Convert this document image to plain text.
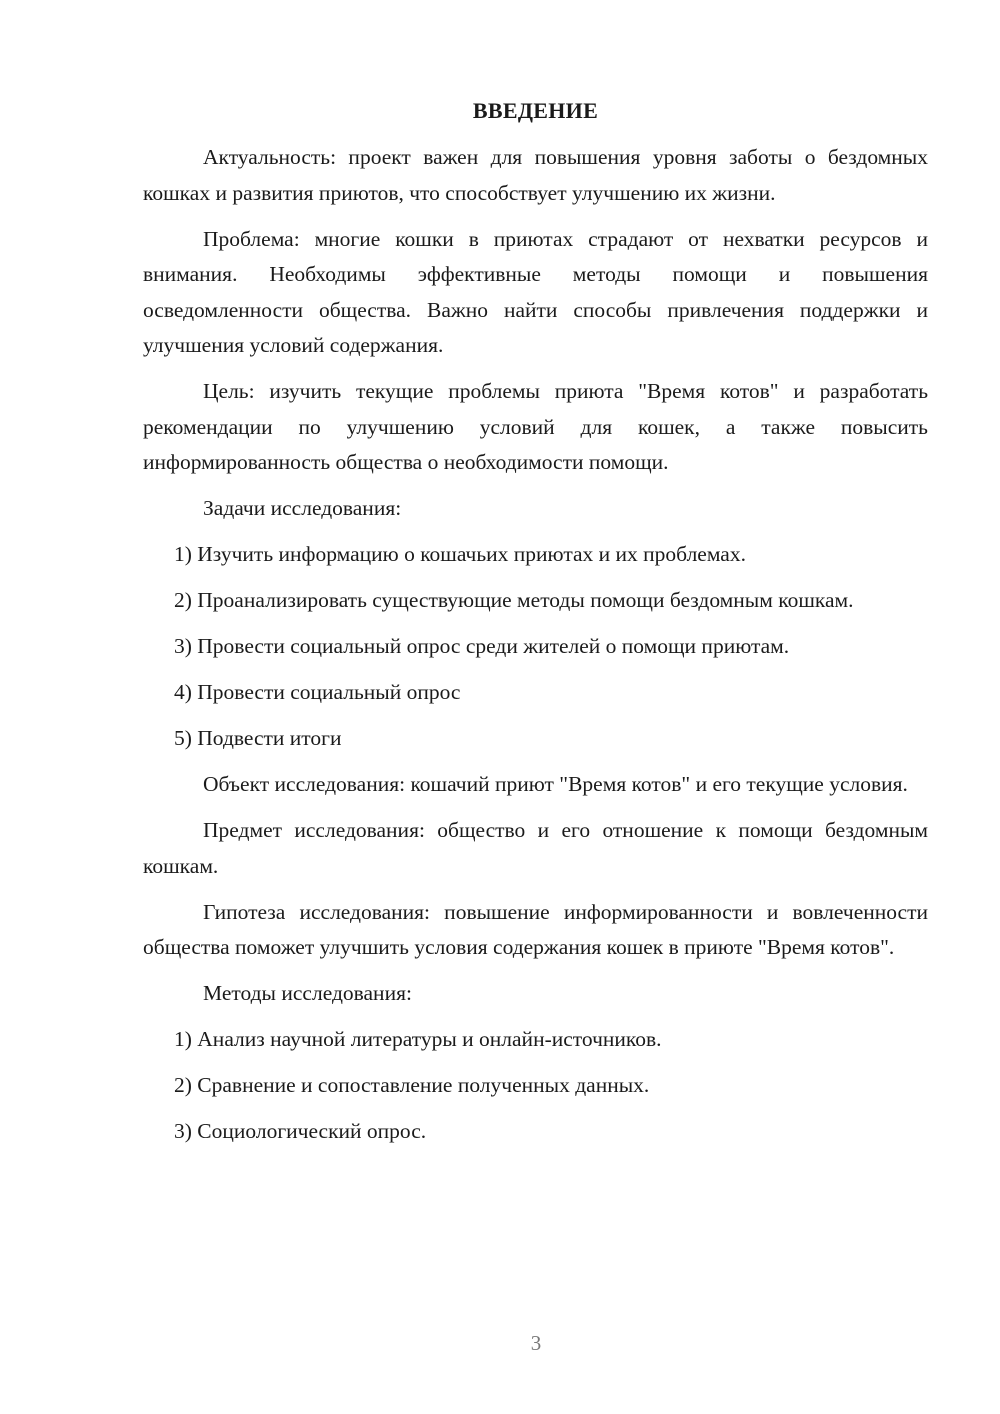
ВВЕДЕНИЕ
Актуальность: проект важен для повышения уровня заботы о бездомных кошках и развития приютов, что способствует улучшению их жизни.
Проблема: многие кошки в приютах страдают от нехватки ресурсов и внимания. Необходимы эффективные методы помощи и повышения осведомленности общества. Важно найти способы привлечения поддержки и улучшения условий содержания.
Цель: изучить текущие проблемы приюта "Время котов" и разработать рекомендации по улучшению условий для кошек, а также повысить информированность общества о необходимости помощи.
Задачи исследования:
1) Изучить информацию о кошачьих приютах и их проблемах.
2) Проанализировать существующие методы помощи бездомным кошкам.
3) Провести социальный опрос среди жителей о помощи приютам.
4) Провести социальный опрос
5) Подвести итоги
Объект исследования: кошачий приют "Время котов" и его текущие условия.
Предмет исследования: общество и его отношение к помощи бездомным кошкам.
Гипотеза исследования: повышение информированности и вовлеченности общества поможет улучшить условия содержания кошек в приюте "Время котов".
Методы исследования:
1) Анализ научной литературы и онлайн-источников.
2) Сравнение и сопоставление полученных данных.
3) Социологический опрос.
3
